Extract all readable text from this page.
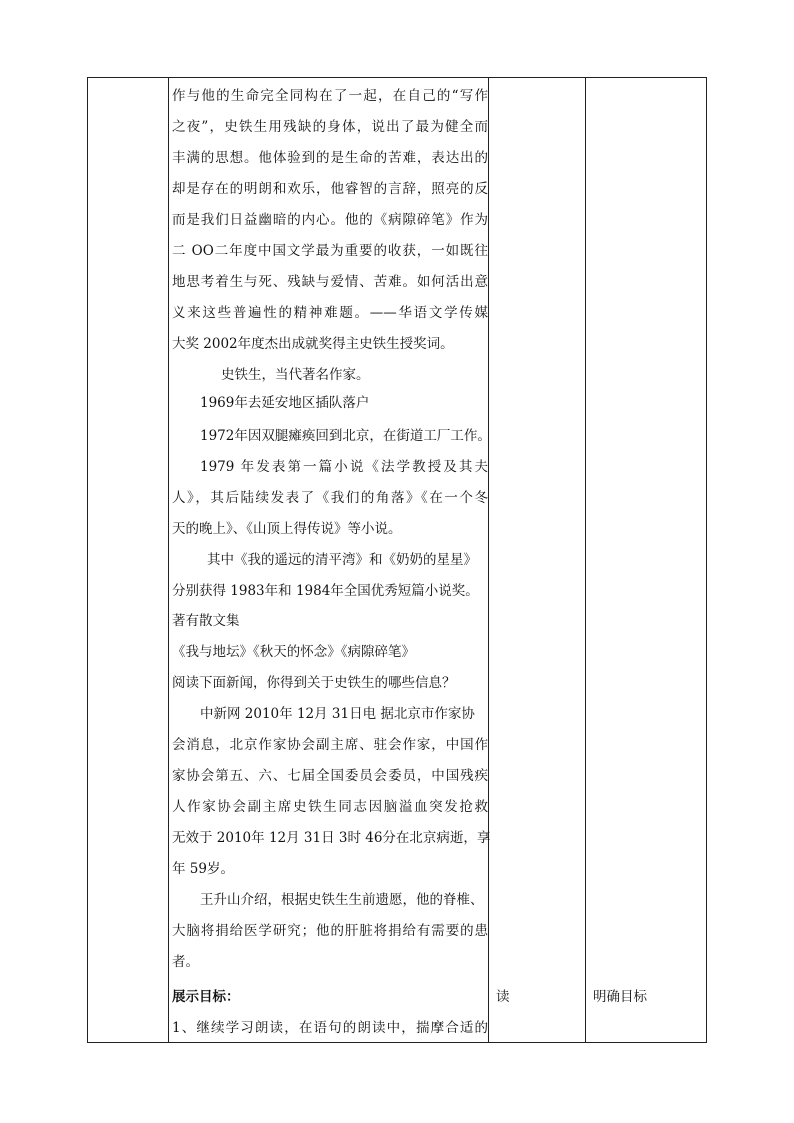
作与他的生命完全同构在了一起，在自己的“写作
之夜”，史铁生用残缺的身体，说出了最为健全而
丰满的思想。他体验到的是生命的苦难，表达出的
却是存在的明朗和欢乐，他睿智的言辞，照亮的反
而是我们日益幽暗的内心。他的《病隙碎笔》作为
二 OO二年度中国文学最为重要的收获，一如既往
地思考着生与死、残缺与爱情、苦难。如何活出意
义来这些普遍性的精神难题。——华语文学传媒
大奖 2002年度杰出成就奖得主史铁生授奖词。
史铁生，当代著名作家。
1969年去延安地区插队落户
1972年因双腿瘫痪回到北京，在街道工厂工作。
1979 年发表第一篇小说《法学教授及其夫
人》，其后陆续发表了《我们的角落》《在一个冬
天的晚上》、《山顶上得传说》等小说。
其中《我的遥远的清平湾》和《奶奶的星星》
分别获得 1983年和 1984年全国优秀短篇小说奖。
著有散文集
《我与地坛》《秋天的怀念》《病隙碎笔》
阅读下面新闻，你得到关于史铁生的哪些信息？
中新网 2010年 12月 31日电 据北京市作家协
会消息，北京作家协会副主席、驻会作家，中国作
家协会第五、六、七届全国委员会委员，中国残疾
人作家协会副主席史铁生同志因脑溢血突发抢救
无效于 2010年 12月 31日 3时 46分在北京病逝，享
年 59岁。
王升山介绍，根据史铁生生前遗愿，他的脊椎、
大脑将捐给医学研究；他的肝脏将捐给有需要的患
者。
展示目标：
1、继续学习朗读，在语句的朗读中，揣摩合适的
读	明确目标
